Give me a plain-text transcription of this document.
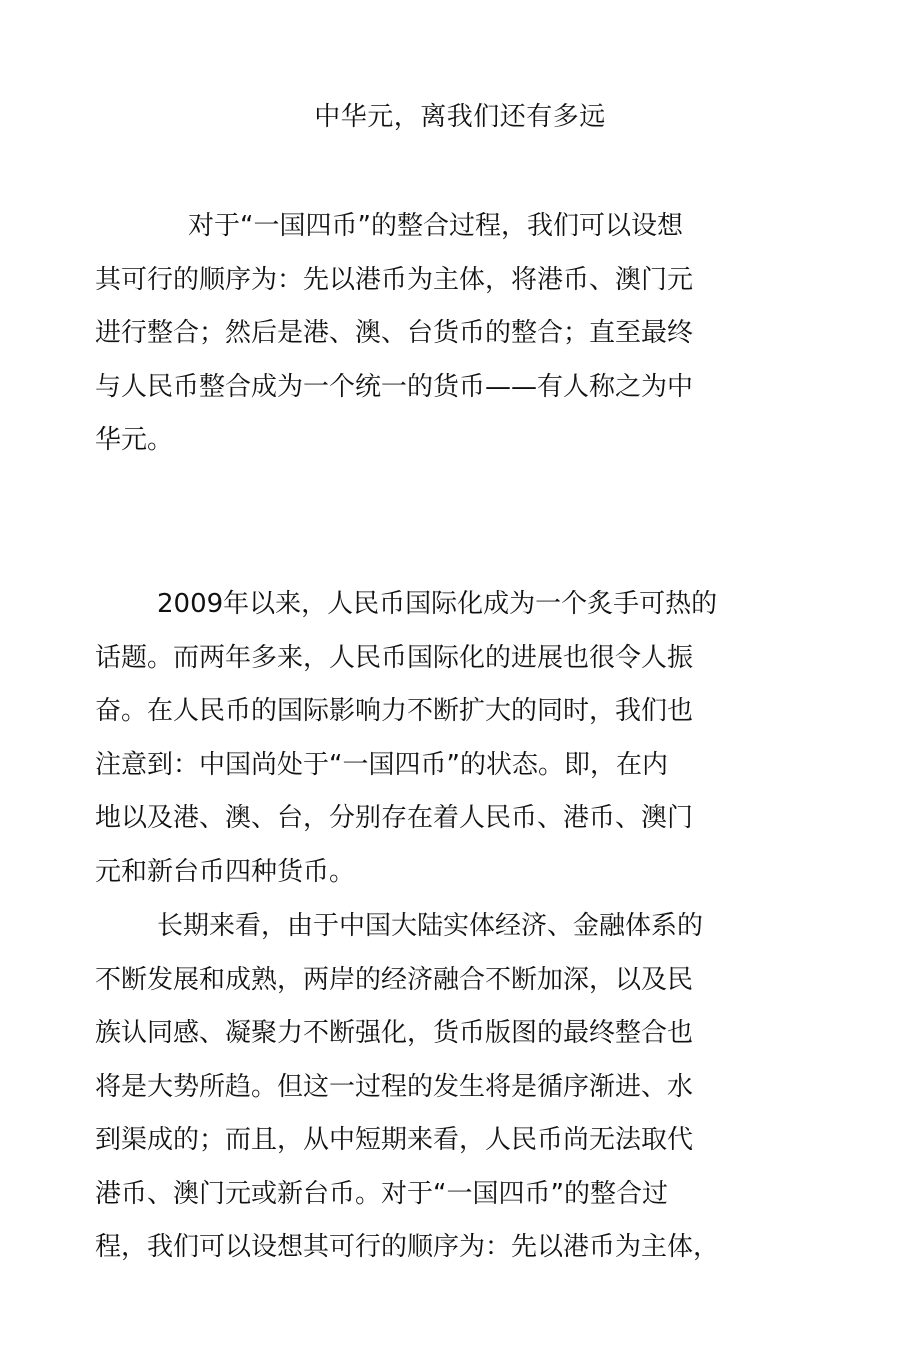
中华元，离我们还有多远

对于“一国四币”的整合过程，我们可以设想
其可行的顺序为：先以港币为主体，将港币、澳门元
进行整合；然后是港、澳、台货币的整合；直至最终
与人民币整合成为一个统一的货币——有人称之为中
华元。

2009年以来，人民币国际化成为一个炙手可热的
话题。而两年多来，人民币国际化的进展也很令人振
奋。在人民币的国际影响力不断扩大的同时，我们也
注意到：中国尚处于“一国四币”的状态。即，在内
地以及港、澳、台，分别存在着人民币、港币、澳门
元和新台币四种货币。

长期来看，由于中国大陆实体经济、金融体系的
不断发展和成熟，两岸的经济融合不断加深，以及民
族认同感、凝聚力不断强化，货币版图的最终整合也
将是大势所趋。但这一过程的发生将是循序渐进、水
到渠成的；而且，从中短期来看，人民币尚无法取代
港币、澳门元或新台币。对于“一国四币”的整合过
程，我们可以设想其可行的顺序为：先以港币为主体，
